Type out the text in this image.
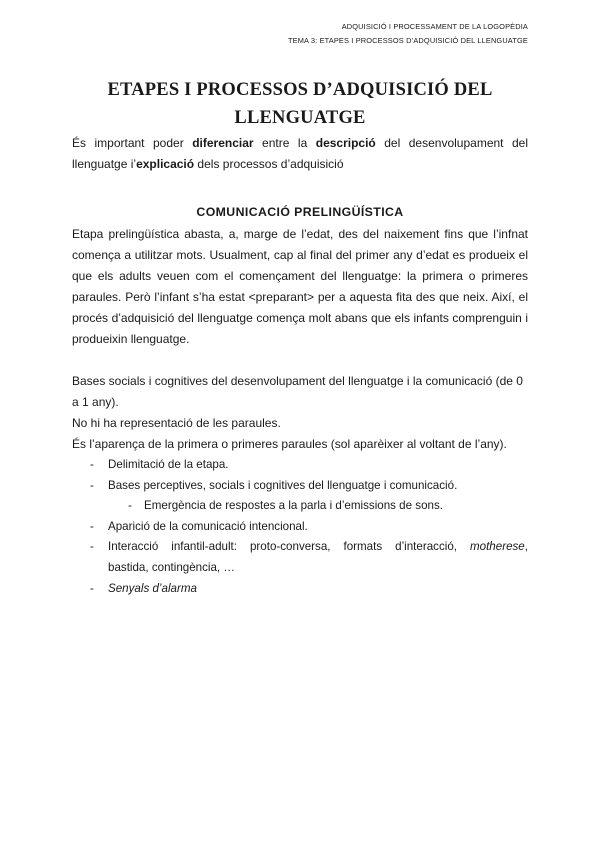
ADQUISICIÓ I PROCESSAMENT DE LA LOGOPÈDIA
TEMA 3: ETAPES I PROCESSOS D’ADQUISICIÓ DEL LLENGUATGE
ETAPES I PROCESSOS D’ADQUISICIÓ DEL
LLENGUATGE
És important poder diferenciar entre la descripció del desenvolupament del llenguatge i’explicació dels processos d’adquisició
COMUNICACIÓ PRELINGÜÍSTICA
Etapa prelingüística abasta, a, marge de l’edat, des del naixement fins que l’infnat comença a utilitzar mots. Usualment, cap al final del primer any d’edat es produeix el que els adults veuen com el començament del llenguatge: la primera o primeres paraules. Però l’infant s’ha estat <preparant> per a aquesta fita des que neix. Així, el procés d’adquisició del llenguatge comença molt abans que els infants comprenguin i produeixin llenguatge.
Bases socials i cognitives del desenvolupament del llenguatge i la comunicació (de 0 a 1 any).
No hi ha representació de les paraules.
És l’aparença de la primera o primeres paraules (sol aparèixer al voltant de l’any).
- Delimitació de la etapa.
- Bases perceptives, socials i cognitives del llenguatge i comunicació.
- Emergència de respostes a la parla i d’emissions de sons.
- Aparició de la comunicació intencional.
- Interacció infantil-adult: proto-conversa, formats d’interacció, motherese,
bastida, contingència, …
- Senyals d’alarma
